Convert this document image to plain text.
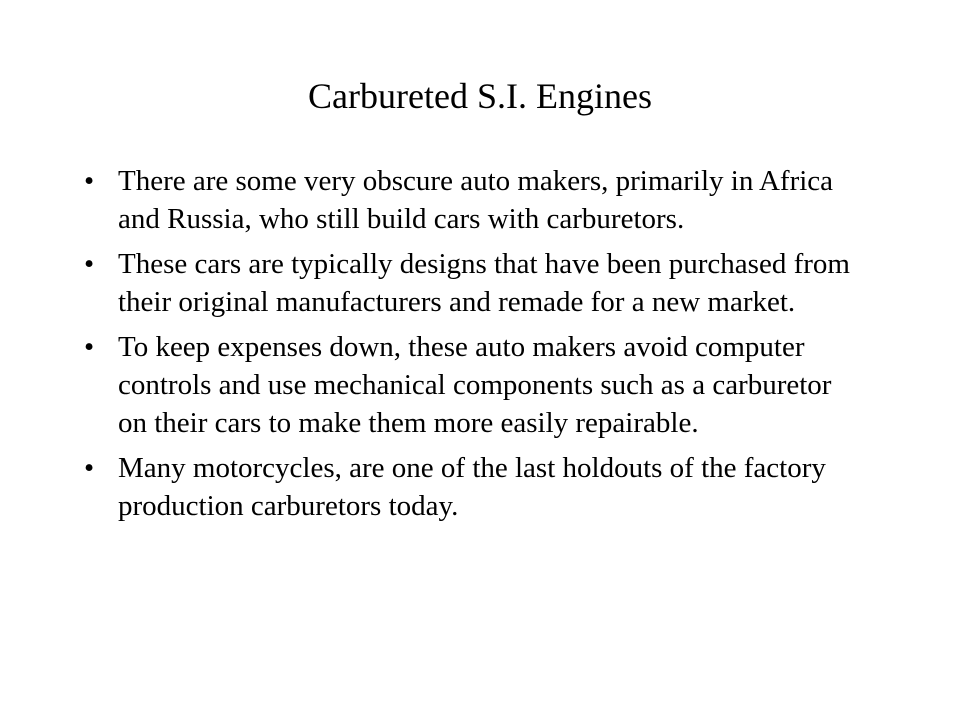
Carbureted S.I. Engines
• There are some very obscure auto makers, primarily in Africa and Russia, who still build cars with carburetors.
• These cars are typically designs that have been purchased from their original manufacturers and remade for a new market.
• To keep expenses down, these auto makers avoid computer controls and use mechanical components such as a carburetor on their cars to make them more easily repairable.
• Many motorcycles, are one of the last holdouts of the factory production carburetors today.
